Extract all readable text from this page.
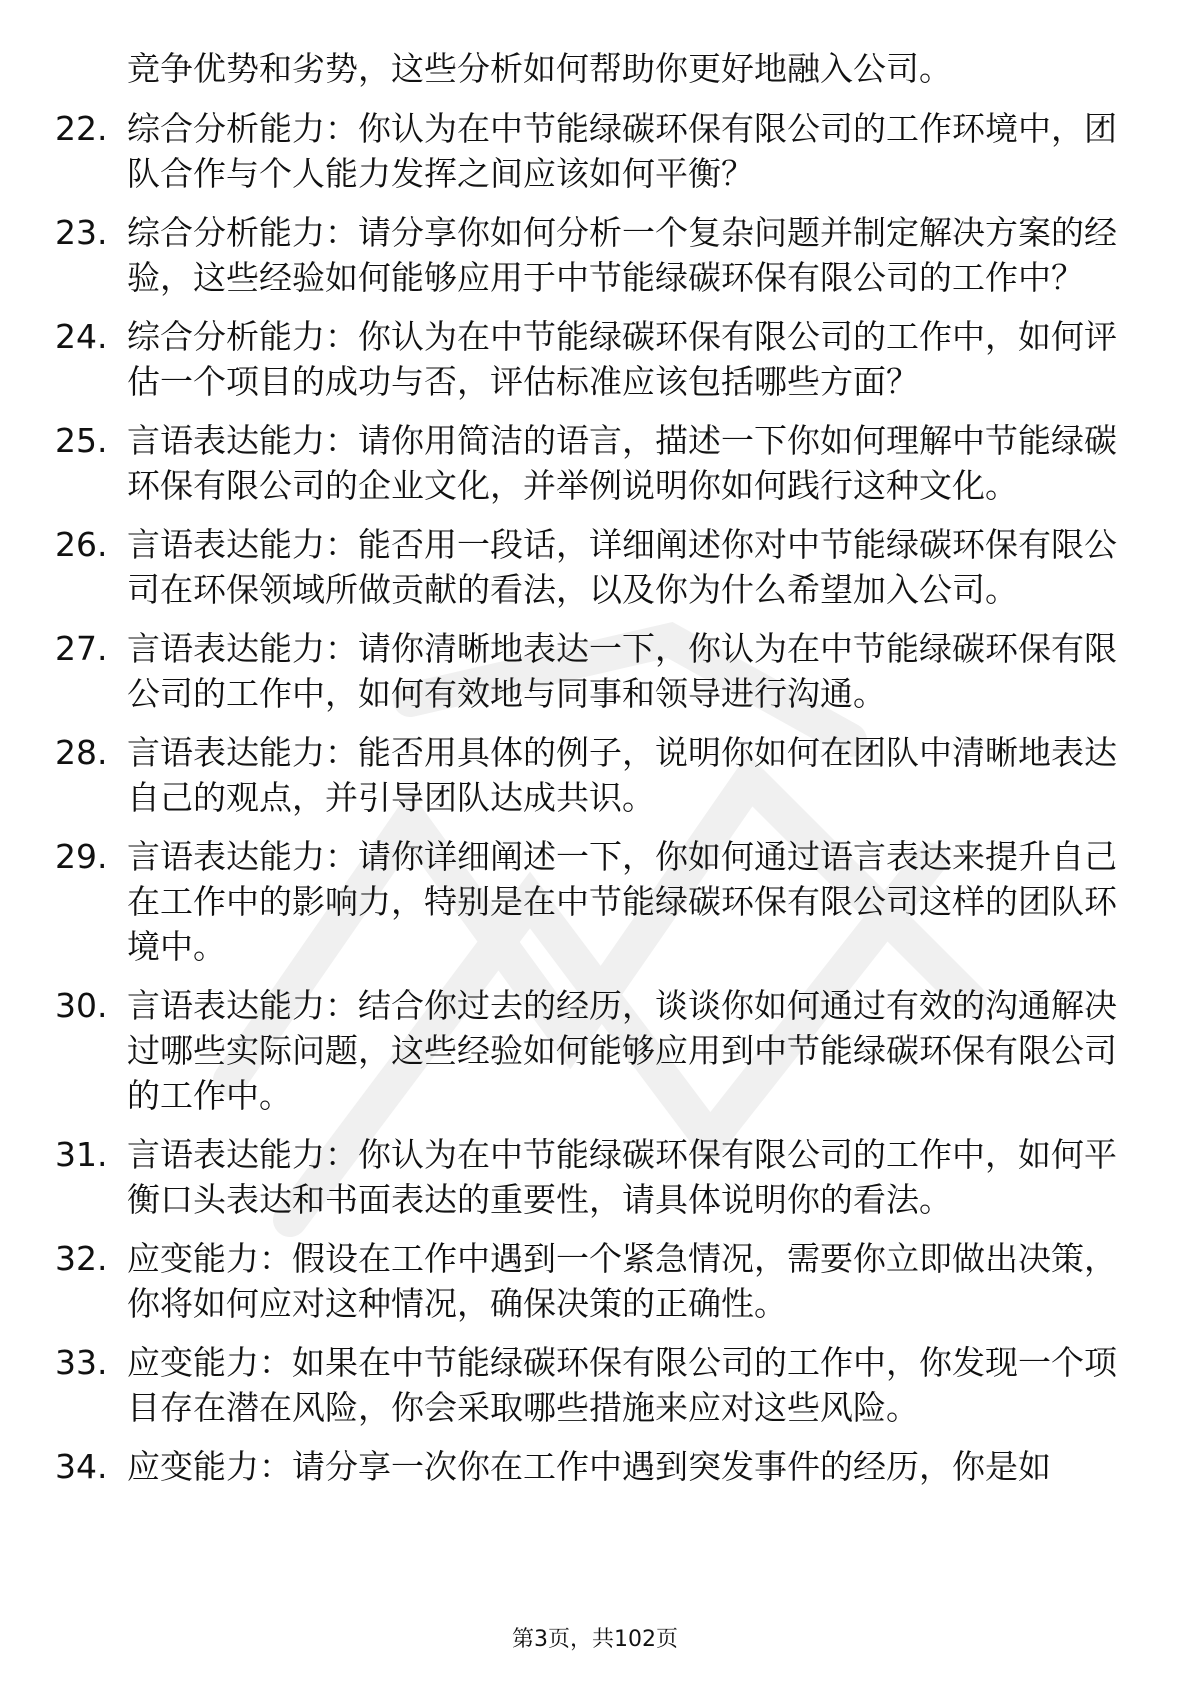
竞争优势和劣势，这些分析如何帮助你更好地融入公司。

22. 综合分析能力：你认为在中节能绿碳环保有限公司的工作环境中，团队合作与个人能力发挥之间应该如何平衡？
23. 综合分析能力：请分享你如何分析一个复杂问题并制定解决方案的经验，这些经验如何能够应用于中节能绿碳环保有限公司的工作中？
24. 综合分析能力：你认为在中节能绿碳环保有限公司的工作中，如何评估一个项目的成功与否，评估标准应该包括哪些方面？
25. 言语表达能力：请你用简洁的语言，描述一下你如何理解中节能绿碳环保有限公司的企业文化，并举例说明你如何践行这种文化。
26. 言语表达能力：能否用一段话，详细阐述你对中节能绿碳环保有限公司在环保领域所做贡献的看法，以及你为什么希望加入公司。
27. 言语表达能力：请你清晰地表达一下，你认为在中节能绿碳环保有限公司的工作中，如何有效地与同事和领导进行沟通。
28. 言语表达能力：能否用具体的例子，说明你如何在团队中清晰地表达自己的观点，并引导团队达成共识。
29. 言语表达能力：请你详细阐述一下，你如何通过语言表达来提升自己在工作中的影响力，特别是在中节能绿碳环保有限公司这样的团队环境中。
30. 言语表达能力：结合你过去的经历，谈谈你如何通过有效的沟通解决过哪些实际问题，这些经验如何能够应用到中节能绿碳环保有限公司的工作中。
31. 言语表达能力：你认为在中节能绿碳环保有限公司的工作中，如何平衡口头表达和书面表达的重要性，请具体说明你的看法。
32. 应变能力：假设在工作中遇到一个紧急情况，需要你立即做出决策，你将如何应对这种情况，确保决策的正确性。
33. 应变能力：如果在中节能绿碳环保有限公司的工作中，你发现一个项目存在潜在风险，你会采取哪些措施来应对这些风险。
34. 应变能力：请分享一次你在工作中遇到突发事件的经历，你是如
第3页，共102页
